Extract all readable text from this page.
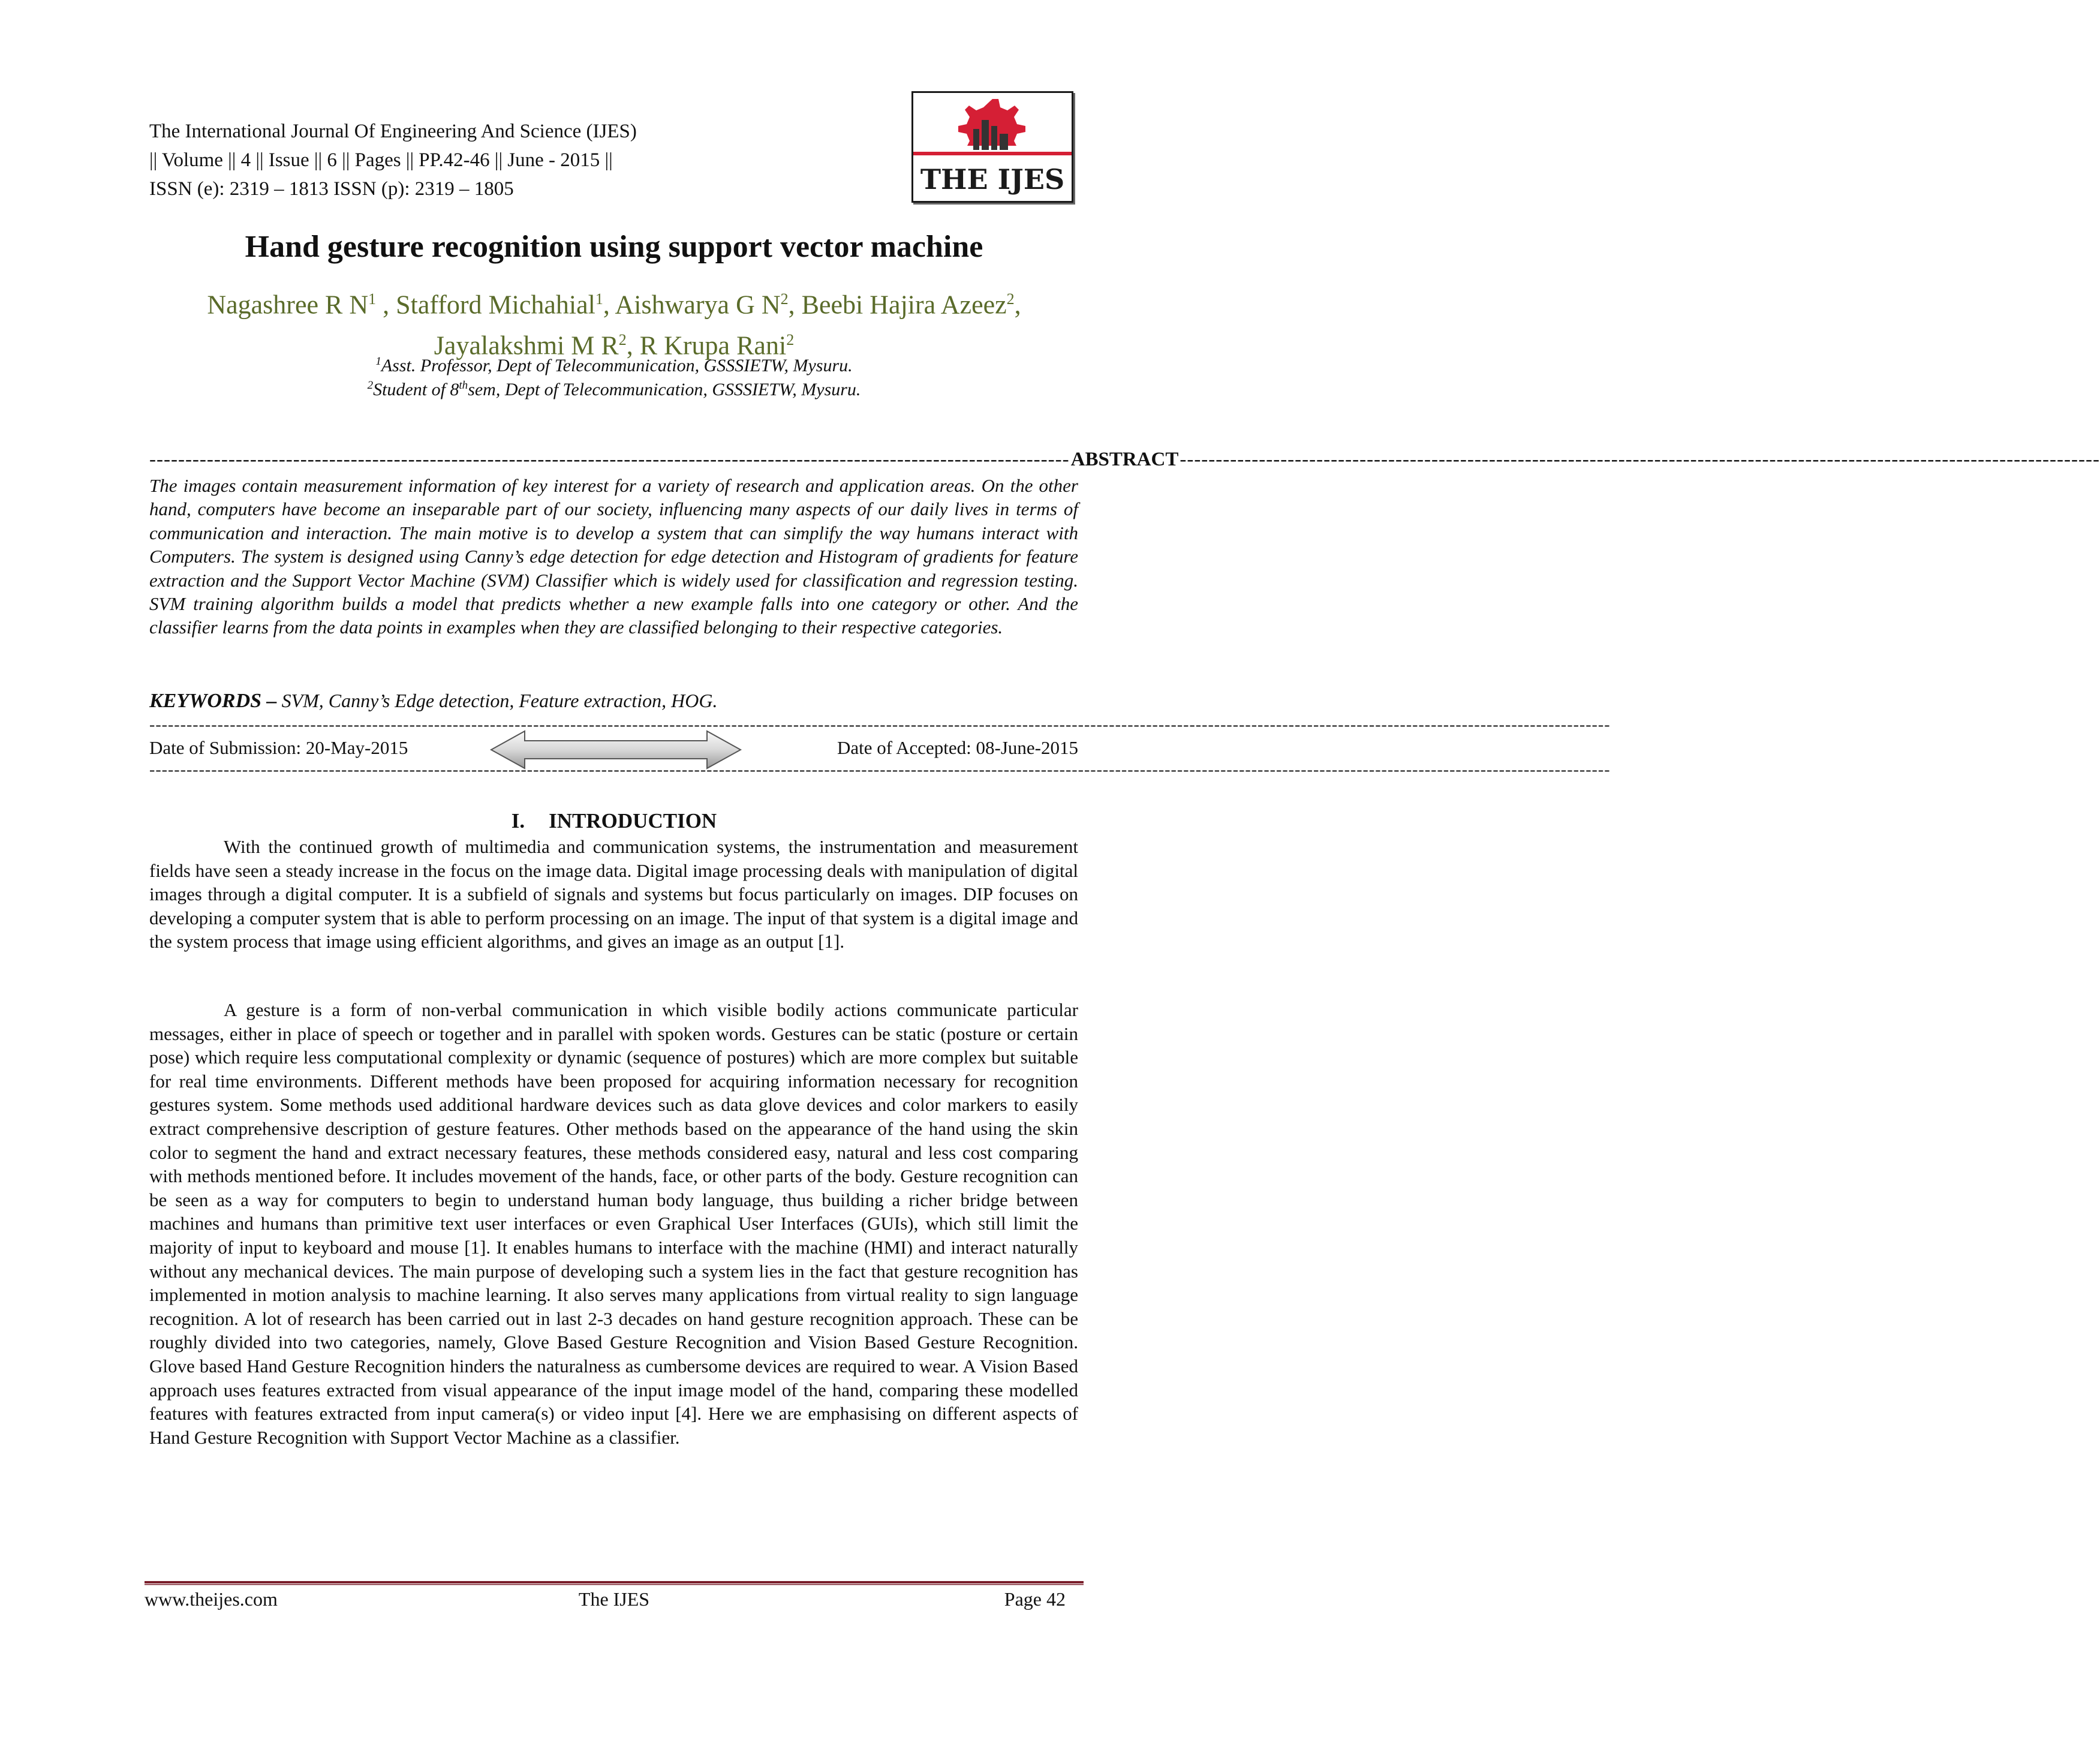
The International Journal Of Engineering And Science (IJES)
|| Volume || 4 || Issue || 6 || Pages || PP.42-46 || June - 2015 ||
ISSN (e): 2319 – 1813 ISSN (p): 2319 – 1805	THE IJES
Hand gesture recognition using support vector machine
Nagashree R $N^1$ , Stafford Michahial$^1$, Aishwarya G $N^2$, Beebi Hajira Azeez$^2$,
Jayalakshmi M $R^2$, R Krupa Rani$^2$
$^1$Asst. Professor, Dept of Telecommunication, GSSSIETW, Mysuru.
$^2$Student of 8thsem, Dept of Telecommunication, GSSSIETW, Mysuru.
-------------------------------------------------------------------------------------------------------------------------------- ABSTRACT --------------------------------------------------------------------------------------------------------------------------------
The images contain measurement information of key interest for a variety of research and application areas. On the other hand, computers have become an inseparable part of our society, influencing many aspects of our daily lives in terms of communication and interaction. The main motive is to develop a system that can simplify the way humans interact with Computers. The system is designed using Canny’s edge detection for edge detection and Histogram of gradients for feature extraction and the Support Vector Machine (SVM) Classifier which is widely used for classification and regression testing. SVM training algorithm builds a model that predicts whether a new example falls into one category or other. And the classifier learns from the data points in examples when they are classified belonging to their respective categories.
KEYWORDS – SVM, Canny’s Edge detection, Feature extraction, HOG.
--------------------------------------------------------------------------------------------------------------------------------------------------------------------------------------------------------------------------------------------
Date of Submission: 20-May-2015	Date of Accepted: 08-June-2015
--------------------------------------------------------------------------------------------------------------------------------------------------------------------------------------------------------------------------------------------
I. INTRODUCTION

With the continued growth of multimedia and communication systems, the instrumentation and measurement fields have seen a steady increase in the focus on the image data. Digital image processing deals with manipulation of digital images through a digital computer. It is a subfield of signals and systems but focus particularly on images. DIP focuses on developing a computer system that is able to perform processing on an image. The input of that system is a digital image and the system process that image using efficient algorithms, and gives an image as an output [1].

A gesture is a form of non-verbal communication in which visible bodily actions communicate particular messages, either in place of speech or together and in parallel with spoken words. Gestures can be static (posture or certain pose) which require less computational complexity or dynamic (sequence of postures) which are more complex but suitable for real time environments. Different methods have been proposed for acquiring information necessary for recognition gestures system. Some methods used additional hardware devices such as data glove devices and color markers to easily extract comprehensive description of gesture features. Other methods based on the appearance of the hand using the skin color to segment the hand and extract necessary features, these methods considered easy, natural and less cost comparing with methods mentioned before. It includes movement of the hands, face, or other parts of the body. Gesture recognition can be seen as a way for computers to begin to understand human body language, thus building a richer bridge between machines and humans than primitive text user interfaces or even Graphical User Interfaces (GUIs), which still limit the majority of input to keyboard and mouse [1]. It enables humans to interface with the machine (HMI) and interact naturally without any mechanical devices. The main purpose of developing such a system lies in the fact that gesture recognition has implemented in motion analysis to machine learning. It also serves many applications from virtual reality to sign language recognition. A lot of research has been carried out in last 2-3 decades on hand gesture recognition approach. These can be roughly divided into two categories, namely, Glove Based Gesture Recognition and Vision Based Gesture Recognition. Glove based Hand Gesture Recognition hinders the naturalness as cumbersome devices are required to wear. A Vision Based approach uses features extracted from visual appearance of the input image model of the hand, comparing these modelled features with features extracted from input camera(s) or video input [4]. Here we are emphasising on different aspects of Hand Gesture Recognition with Support Vector Machine as a classifier.

www.theijes.com	The IJES	Page 42
